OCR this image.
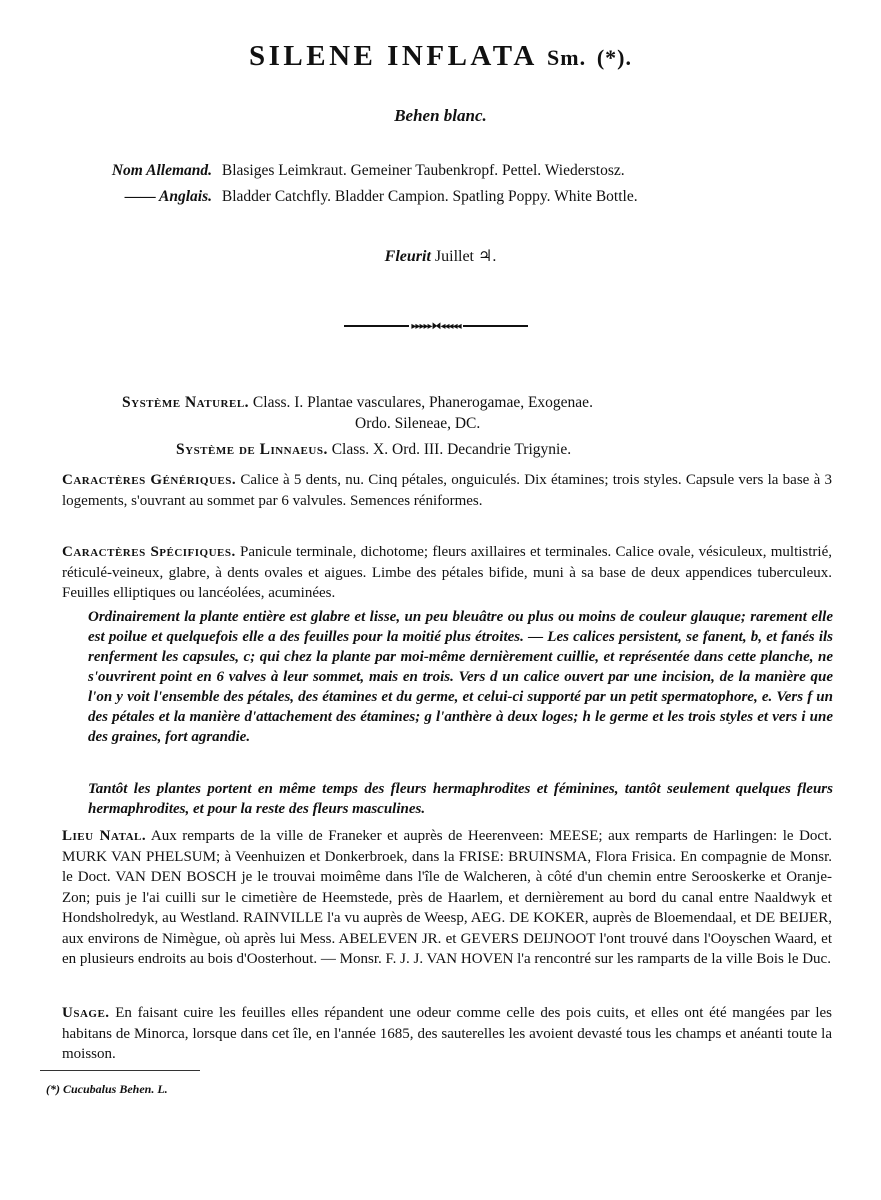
SILENE INFLATA Sm. (*).
Behen blanc.
Nom Allemand. Blasiges Leimkraut. Gemeiner Taubenkropf. Pettel. Wiederstosz.
—— Anglais. Bladder Catchfly. Bladder Campion. Spatling Poppy. White Bottle.
Fleurit Juillet ♃.
▸▸▸▸▸⧓◂◂◂◂◂
Système Naturel. Class. I. Plantae vasculares, Phanerogamae, Exogenae.
Ordo. Sileneae, DC.
Système de Linnaeus. Class. X. Ord. III. Decandrie Trigynie.
Caractères Génériques. Calice à 5 dents, nu. Cinq pétales, onguiculés. Dix étamines; trois styles. Capsule vers la base à 3 logements, s'ouvrant au sommet par 6 valvules. Semences réniformes.
Caractères Spécifiques. Panicule terminale, dichotome; fleurs axillaires et terminales. Calice ovale, vésiculeux, multistrié, réticulé-veineux, glabre, à dents ovales et aigues. Limbe des pétales bifide, muni à sa base de deux appendices tuberculeux. Feuilles elliptiques ou lancéolées, acuminées.
Ordinairement la plante entière est glabre et lisse, un peu bleuâtre ou plus ou moins de couleur glauque; rarement elle est poilue et quelquefois elle a des feuilles pour la moitié plus étroites. — Les calices persistent, se fanent, b, et fanés ils renferment les capsules, c; qui chez la plante par moi-même dernièrement cuillie, et représentée dans cette planche, ne s'ouvrirent point en 6 valves à leur sommet, mais en trois. Vers d un calice ouvert par une incision, de la manière que l'on y voit l'ensemble des pétales, des étamines et du germe, et celui-ci supporté par un petit spermatophore, e. Vers f un des pétales et la manière d'attachement des étamines; g l'anthère à deux loges; h le germe et les trois styles et vers i une des graines, fort agrandie.
Tantôt les plantes portent en même temps des fleurs hermaphrodites et féminines, tantôt seulement quelques fleurs hermaphrodites, et pour la reste des fleurs masculines.
Lieu Natal. Aux remparts de la ville de Franeker et auprès de Heerenveen: MEESE; aux remparts de Harlingen: le Doct. MURK VAN PHELSUM; à Veenhuizen et Donkerbroek, dans la FRISE: BRUINSMA, Flora Frisica. En compagnie de Monsr. le Doct. VAN DEN BOSCH je le trouvai moimême dans l'île de Walcheren, à côté d'un chemin entre Serooskerke et Oranje-Zon; puis je l'ai cuilli sur le cimetière de Heemstede, près de Haarlem, et dernièrement au bord du canal entre Naaldwyk et Hondsholredyk, au Westland. RAINVILLE l'a vu auprès de Weesp, AEG. DE KOKER, auprès de Bloemendaal, et DE BEIJER, aux environs de Nimègue, où après lui Mess. ABELEVEN JR. et GEVERS DEIJNOOT l'ont trouvé dans l'Ooyschen Waard, et en plusieurs endroits au bois d'Oosterhout. — Monsr. F. J. J. VAN HOVEN l'a rencontré sur les ramparts de la ville Bois le Duc.
Usage. En faisant cuire les feuilles elles répandent une odeur comme celle des pois cuits, et elles ont été mangées par les habitans de Minorca, lorsque dans cet île, en l'année 1685, des sauterelles les avoient devasté tous les champs et anéanti toute la moisson.
(*) Cucubalus Behen. L.
